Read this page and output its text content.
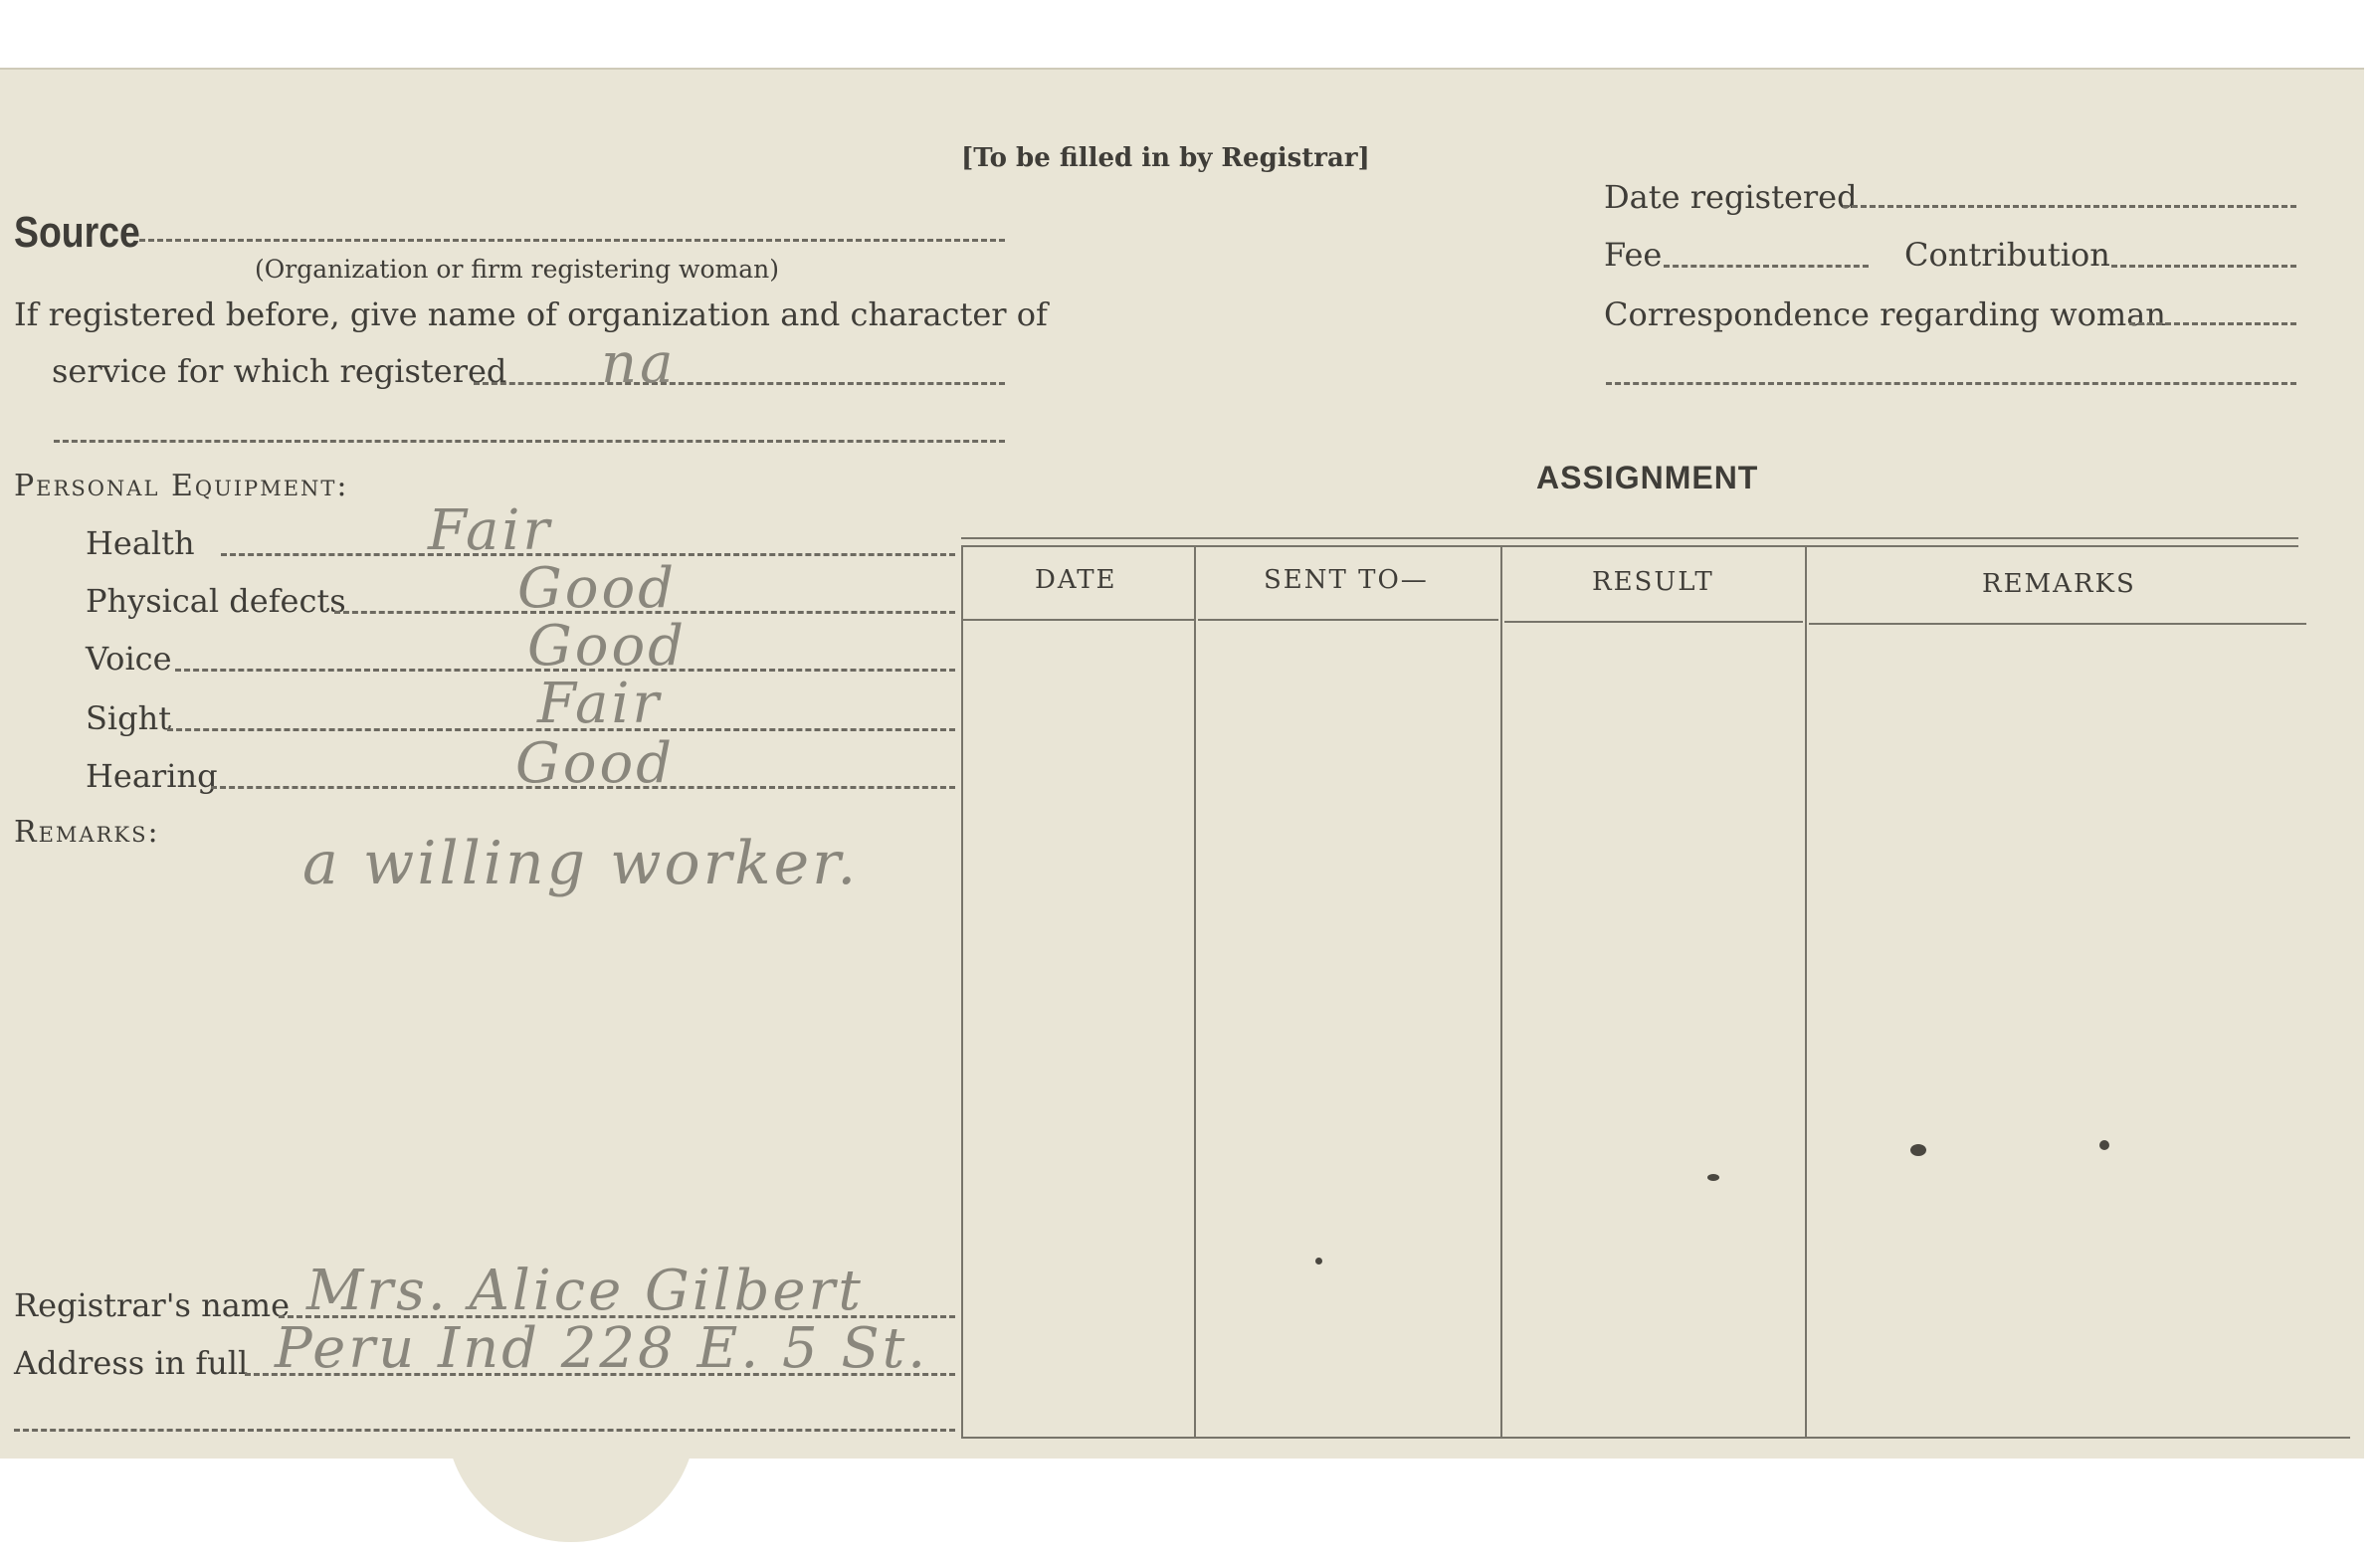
[To be filled in by Registrar]
Source
(Organization or firm registering woman)
If registered before, give name of organization and character of
service for which registered na
Date registered
Fee	Contribution
Correspondence regarding woman
Personal Equipment:
Health	Fair
Physical defects	Good
Voice	Good
Sight	Fair
Hearing	Good
Remarks: a willing worker.
Registrar's name Mrs. Alice Gilbert
Address in full Peru Ind 228 E. 5 St.
ASSIGNMENT
DATE	SENT TO—	RESULT	REMARKS
